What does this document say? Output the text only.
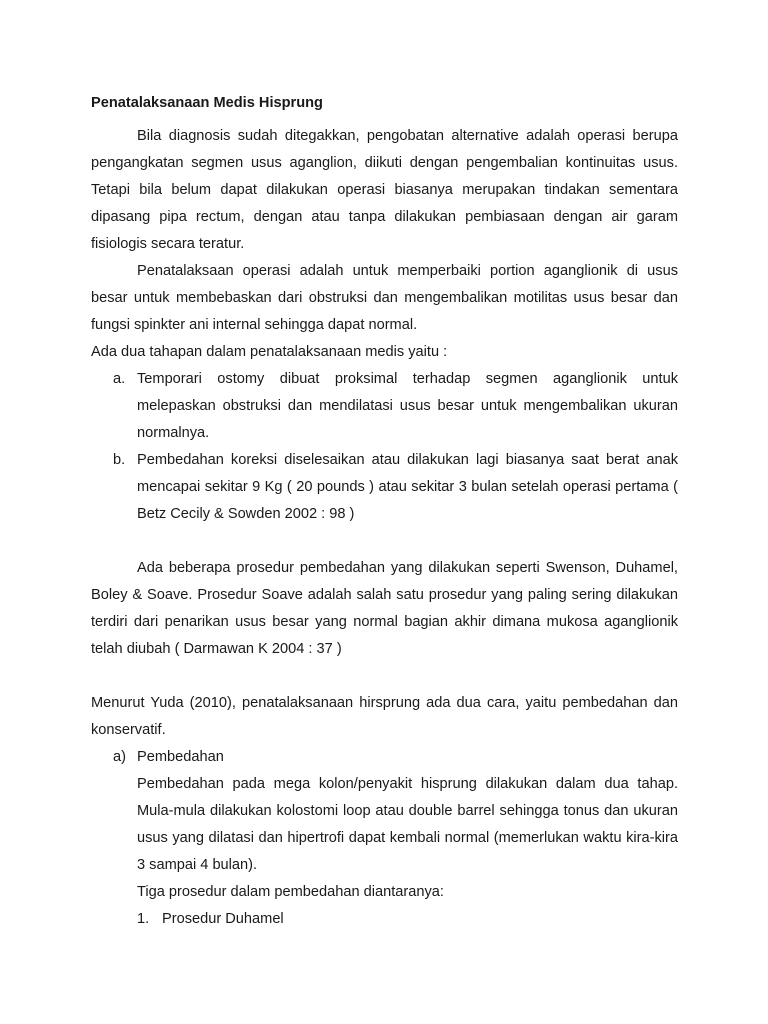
Penatalaksanaan Medis Hisprung

Bila diagnosis sudah ditegakkan, pengobatan alternative adalah operasi berupa pengangkatan segmen usus aganglion, diikuti dengan pengembalian kontinuitas usus. Tetapi bila belum dapat dilakukan operasi biasanya merupakan tindakan sementara dipasang pipa rectum, dengan atau tanpa dilakukan pembiasaan dengan air garam fisiologis secara teratur.

Penatalaksaan operasi adalah untuk memperbaiki portion aganglionik di usus besar untuk membebaskan dari obstruksi dan mengembalikan motilitas usus besar dan fungsi spinkter ani internal sehingga dapat normal.

Ada dua tahapan dalam penatalaksanaan medis yaitu :

a. Temporari ostomy dibuat proksimal terhadap segmen aganglionik untuk melepaskan obstruksi dan mendilatasi usus besar untuk mengembalikan ukuran normalnya.

b. Pembedahan koreksi diselesaikan atau dilakukan lagi biasanya saat berat anak mencapai sekitar 9 Kg ( 20 pounds ) atau sekitar 3 bulan setelah operasi pertama ( Betz Cecily & Sowden 2002 : 98 )

Ada beberapa prosedur pembedahan yang dilakukan seperti Swenson, Duhamel, Boley & Soave. Prosedur Soave adalah salah satu prosedur yang paling sering dilakukan terdiri dari penarikan usus besar yang normal bagian akhir dimana mukosa aganglionik telah diubah ( Darmawan K 2004 : 37 )

Menurut Yuda (2010), penatalaksanaan hirsprung ada dua cara, yaitu pembedahan dan konservatif.

a) Pembedahan

Pembedahan pada mega kolon/penyakit hisprung dilakukan dalam dua tahap. Mula-mula dilakukan kolostomi loop atau double barrel sehingga tonus dan ukuran usus yang dilatasi dan hipertrofi dapat kembali normal (memerlukan waktu kira-kira 3 sampai 4 bulan).

Tiga prosedur dalam pembedahan diantaranya:

1. Prosedur Duhamel
